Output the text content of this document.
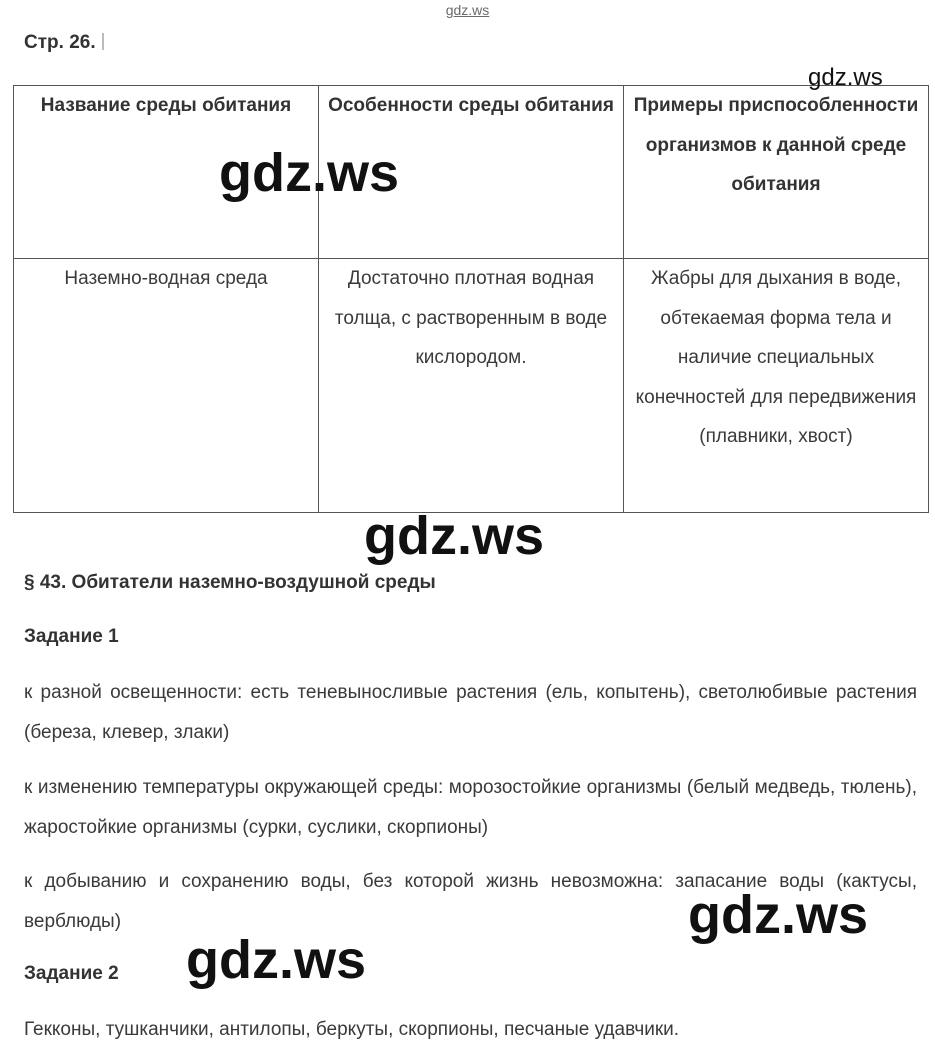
gdz.ws
Стр. 26.
Название среды обитания	Особенности среды обитания	Примеры приспособленности организмов к данной среде обитания
Наземно-водная среда	Достаточно плотная водная толща, с растворенным в воде кислородом.	Жабры для дыхания в воде, обтекаемая форма тела и наличие специальных конечностей для передвижения (плавники, хвост)
§ 43. Обитатели наземно-воздушной среды
Задание 1
к разной освещенности: есть теневыносливые растения (ель, копытень), светолюбивые растения (береза, клевер, злаки)
к изменению температуры окружающей среды: морозостойкие организмы (белый медведь, тюлень), жаростойкие организмы (сурки, суслики, скорпионы)
к добыванию и сохранению воды, без которой жизнь невозможна: запасание воды (кактусы, верблюды)
Задание 2
Гекконы, тушканчики, антилопы, беркуты, скорпионы, песчаные удавчики.
gdz.ws
gdz.ws
gdz.ws
gdz.ws
gdz.ws
